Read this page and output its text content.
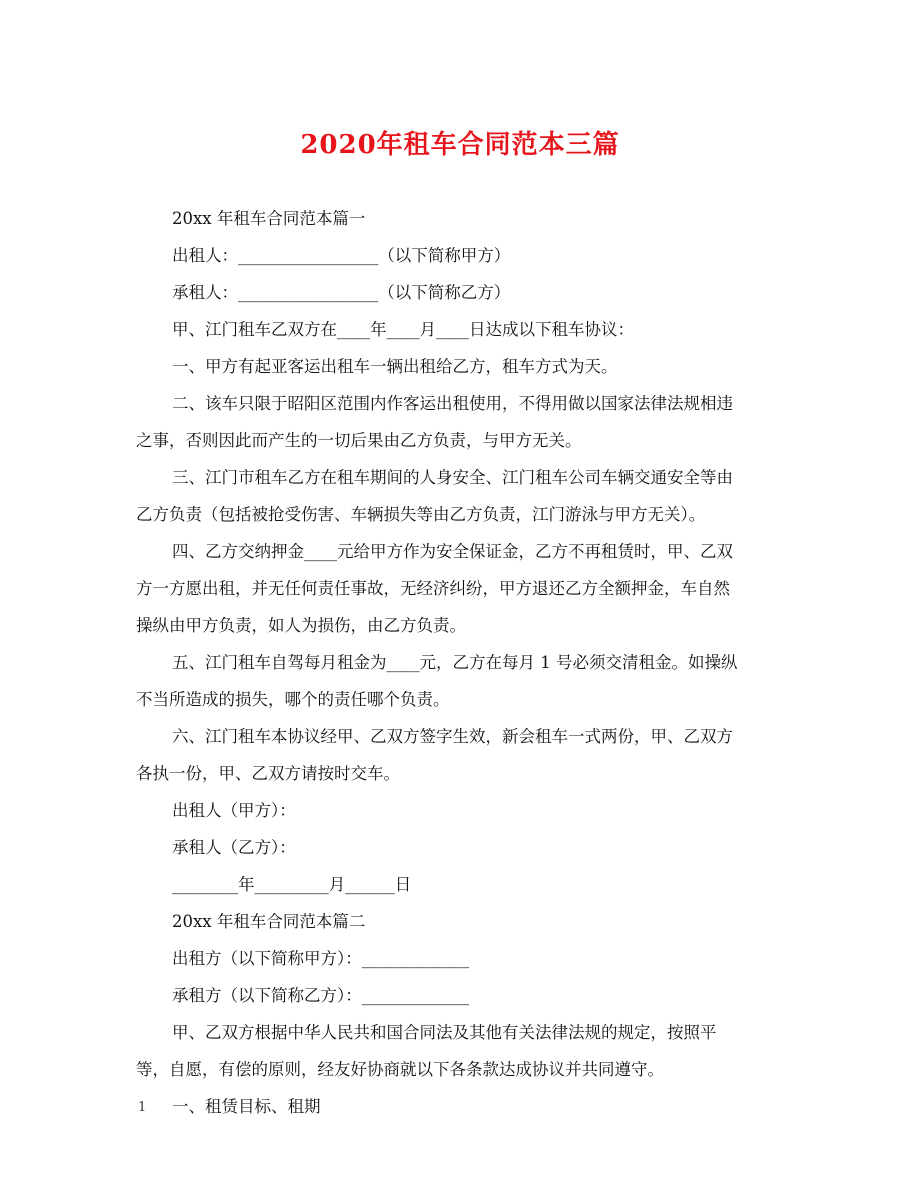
2020年租车合同范本三篇

20xx 年租车合同范本篇一

出租人：_________________（以下简称甲方）

承租人：_________________（以下简称乙方）

甲、江门租车乙双方在____年____月____日达成以下租车协议：

一、甲方有起亚客运出租车一辆出租给乙方，租车方式为天。

二、该车只限于昭阳区范围内作客运出租使用，不得用做以国家法律法规相违

之事，否则因此而产生的一切后果由乙方负责，与甲方无关。

三、江门市租车乙方在租车期间的人身安全、江门租车公司车辆交通安全等由

乙方负责（包括被抢受伤害、车辆损失等由乙方负责，江门游泳与甲方无关）。

四、乙方交纳押金____元给甲方作为安全保证金，乙方不再租赁时，甲、乙双

方一方愿出租，并无任何责任事故，无经济纠纷，甲方退还乙方全额押金，车自然

操纵由甲方负责，如人为损伤，由乙方负责。

五、江门租车自驾每月租金为____元，乙方在每月 1 号必须交清租金。如操纵

不当所造成的损失，哪个的责任哪个负责。

六、江门租车本协议经甲、乙双方签字生效，新会租车一式两份，甲、乙双方

各执一份，甲、乙双方请按时交车。

出租人（甲方）：

承租人（乙方）：

________年_________月______日

20xx 年租车合同范本篇二

出租方（以下简称甲方）：_____________

承租方（以下简称乙方）：_____________

甲、乙双方根据中华人民共和国合同法及其他有关法律法规的规定，按照平

等，自愿，有偿的原则，经友好协商就以下各条款达成协议并共同遵守。

一、租赁目标、租期

1
